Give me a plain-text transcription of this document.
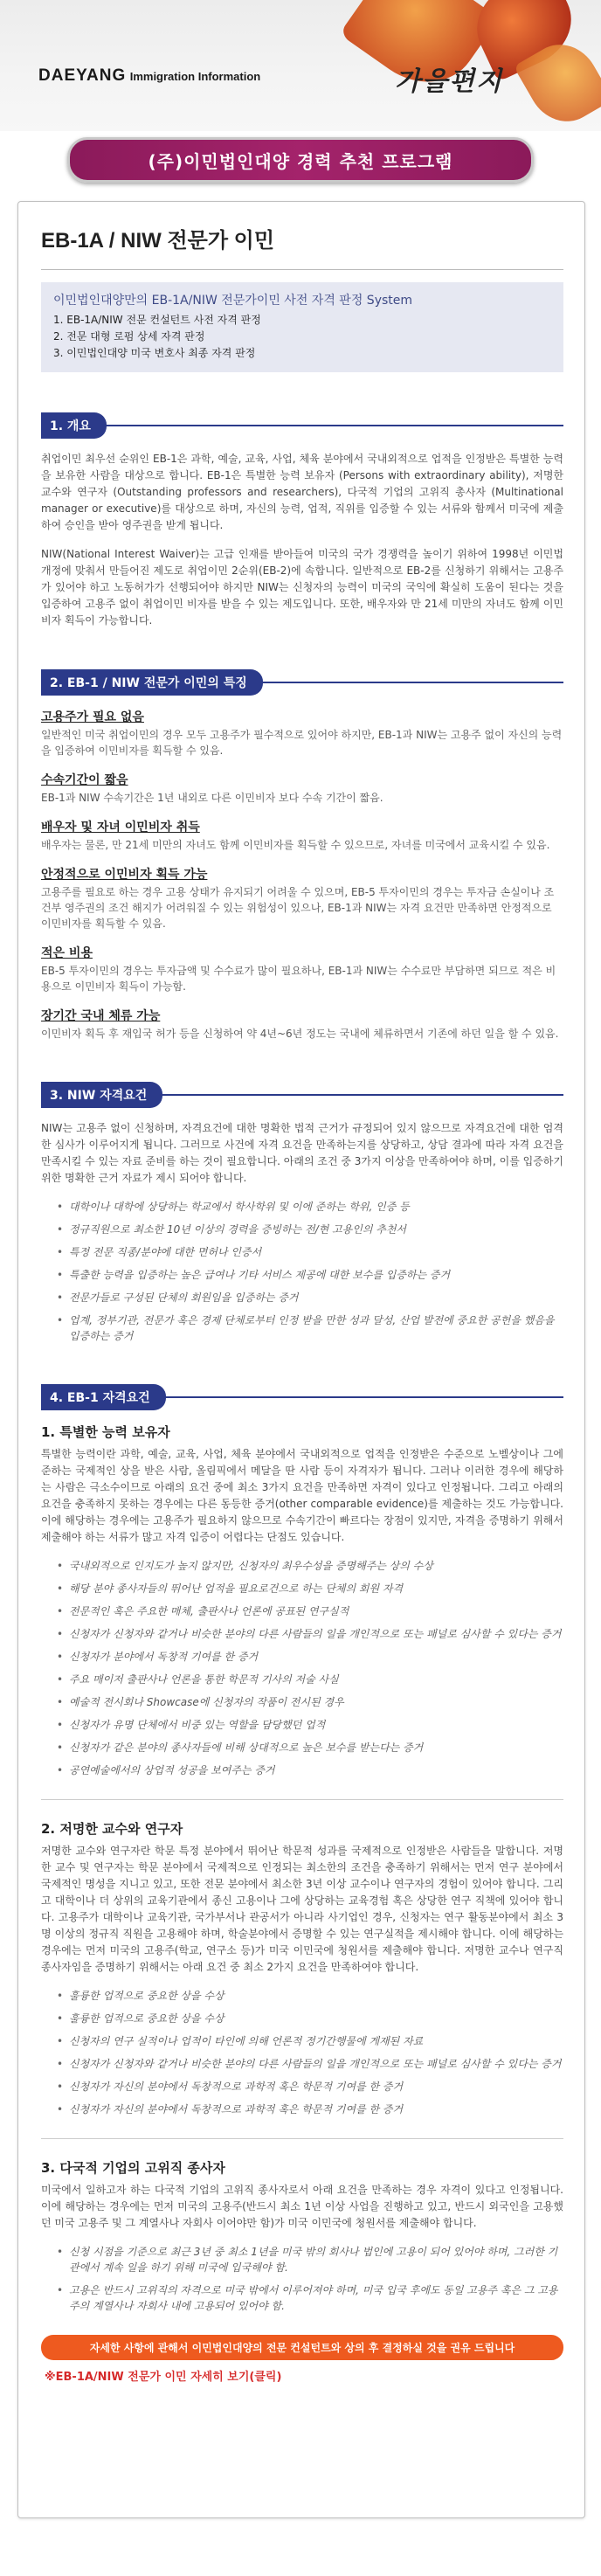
DAEYANG Immigration Information	가을편지
(주)이민법인대양 경력 추천 프로그램
EB-1A / NIW 전문가 이민
이민법인대양만의 EB-1A/NIW 전문가이민 사전 자격 판정 System
1. EB-1A/NIW 전문 컨설턴트 사전 자격 판정
2. 전문 대형 로펌 상세 자격 판정
3. 이민법인대양 미국 변호사 최종 자격 판정
1. 개요
취업이민 최우선 순위인 EB-1은 과학, 예술, 교육, 사업, 체육 분야에서 국내외적으로 업적을 인정받은 특별한 능력을 보유한 사람을 대상으로 합니다. EB-1은 특별한 능력 보유자 (Persons with extraordinary ability), 저명한 교수와 연구자 (Outstanding professors and researchers), 다국적 기업의 고위직 총사자 (Multinational manager or executive)를 대상으로 하며, 자신의 능력, 업적, 직위를 입증할 수 있는 서류와 함께서 미국에 제출하여 승인을 받아 영주권을 받게 됩니다.
NIW(National Interest Waiver)는 고급 인재를 받아들여 미국의 국가 경쟁력을 높이기 위하여 1998년 이민법 개정에 맞춰서 만들어진 제도로 취업이민 2순위(EB-2)에 속합니다. 일반적으로 EB-2를 신청하기 위해서는 고용주가 있어야 하고 노동허가가 선행되어야 하지만 NIW는 신청자의 능력이 미국의 국익에 확실히 도움이 된다는 것을 입증하여 고용주 없이 취업이민 비자를 받을 수 있는 제도입니다. 또한, 배우자와 만 21세 미만의 자녀도 함께 이민비자 획득이 가능합니다.
2. EB-1 / NIW 전문가 이민의 특징
고용주가 필요 없음
일반적인 미국 취업이민의 경우 모두 고용주가 필수적으로 있어야 하지만, EB-1과 NIW는 고용주 없이 자신의 능력을 입증하여 이민비자를 획득할 수 있음.
수속기간이 짧음
EB-1과 NIW 수속기간은 1년 내외로 다른 이민비자 보다 수속 기간이 짧음.
배우자 및 자녀 이민비자 취득
배우자는 물론, 만 21세 미만의 자녀도 함께 이민비자를 획득할 수 있으므로, 자녀를 미국에서 교육시킬 수 있음.
안정적으로 이민비자 획득 가능
고용주를 필요로 하는 경우 고용 상태가 유지되기 어려울 수 있으며, EB-5 투자이민의 경우는 투자금 손실이나 조건부 영주권의 조건 해지가 어려워질 수 있는 위험성이 있으나, EB-1과 NIW는 자격 요건만 만족하면 안정적으로 이민비자를 획득할 수 있음.
적은 비용
EB-5 투자이민의 경우는 투자금액 및 수수료가 많이 필요하나, EB-1과 NIW는 수수료만 부담하면 되므로 적은 비용으로 이민비자 획득이 가능함.
장기간 국내 체류 가능
이민비자 획득 후 재입국 허가 등을 신청하여 약 4년~6년 정도는 국내에 체류하면서 기존에 하던 일을 할 수 있음.
3. NIW 자격요건
NIW는 고용주 없이 신청하며, 자격요건에 대한 명확한 법적 근거가 규정되어 있지 않으므로 자격요건에 대한 엄격한 심사가 이루어지게 됩니다. 그러므로 사건에 자격 요건을 만족하는지를 상당하고, 상담 결과에 따라 자격 요건을 만족시킬 수 있는 자료 준비를 하는 것이 필요합니다. 아래의 조건 중 3가지 이상을 만족하여야 하며, 이를 입증하기 위한 명확한 근거 자료가 제시 되어야 합니다.
• 대학이나 대학에 상당하는 학교에서 학사학위 및 이에 준하는 학위, 인증 등
• 정규직원으로 최소한 10년 이상의 경력을 증빙하는 전/현 고용인의 추천서
• 특정 전문 직종/분야에 대한 면허나 인증서
• 특출한 능력을 입증하는 높은 급여나 기타 서비스 제공에 대한 보수를 입증하는 증거
• 전문가들로 구성된 단체의 회원임을 입증하는 증거
• 업계, 정부기관, 전문가 혹은 경제 단체로부터 인정 받을 만한 성과 달성, 산업 발전에 중요한 공헌을 했음을 입증하는 증거
4. EB-1 자격요건
1. 특별한 능력 보유자
특별한 능력이란 과학, 예술, 교육, 사업, 체육 분야에서 국내외적으로 업적을 인정받은 수준으로 노벨상이나 그에 준하는 국제적인 상을 받은 사람, 올림픽에서 메달을 딴 사람 등이 자격자가 됩니다. 그러나 이러한 경우에 해당하는 사람은 극소수이므로 아래의 요건 중에 최소 3가지 요건을 만족하면 자격이 있다고 인정됩니다. 그리고 아래의 요건을 충족하지 못하는 경우에는 다른 동등한 증거(other comparable evidence)를 제출하는 것도 가능합니다. 이에 해당하는 경우에는 고용주가 필요하지 않으므로 수속기간이 빠르다는 장점이 있지만, 자격을 증명하기 위해서 제출해야 하는 서류가 많고 자격 입증이 어렵다는 단점도 있습니다.
• 국내외적으로 인지도가 높지 않지만, 신청자의 최우수성을 증명해주는 상의 수상
• 해당 분야 종사자들의 뛰어난 업적을 필요로건으로 하는 단체의 회원 자격
• 전문적인 혹은 주요한 매체, 출판사나 언론에 공표된 연구실적
• 신청자가 신청자와 같거나 비슷한 분야의 다른 사람들의 일을 개인적으로 또는 패널로 심사할 수 있다는 증거
• 신청자가 분야에서 독창적 기여를 한 증거
• 주요 매이저 출판사나 언론을 통한 학문적 기사의 저술 사실
• 예술적 전시회나 Showcase에 신청자의 작품이 전시된 경우
• 신청자가 유명 단체에서 비중 있는 역할을 담당했던 업적
• 신청자가 같은 분야의 종사자들에 비해 상대적으로 높은 보수를 받는다는 증거
• 공연예술에서의 상업적 성공을 보여주는 증거
2. 저명한 교수와 연구자
저명한 교수와 연구자란 학문 특정 분야에서 뛰어난 학문적 성과를 국제적으로 인정받은 사람들을 말합니다. 저명한 교수 및 연구자는 학문 분야에서 국제적으로 인정되는 최소한의 조건을 충족하기 위해서는 먼저 연구 분야에서 국제적인 명성을 지니고 있고, 또한 전문 분야에서 최소한 3년 이상 교수이나 연구자의 경험이 있어야 합니다. 그리고 대학이나 더 상위의 교육기관에서 종신 고용이나 그에 상당하는 교육경험 혹은 상당한 연구 직책에 있어야 합니다. 고용주가 대학이나 교육기관, 국가부서나 관공서가 아니라 사기업인 경우, 신청자는 연구 활동분야에서 최소 3명 이상의 정규직 직원을 고용해야 하며, 학술분야에서 증명할 수 있는 연구실적을 제시해야 합니다. 이에 해당하는 경우에는 먼저 미국의 고용주(학교, 연구소 등)가 미국 이민국에 청원서를 제출해야 합니다. 저명한 교수나 연구직 종사자임을 증명하기 위해서는 아래 요건 중 최소 2가지 요건을 만족하여야 합니다.
• 훌륭한 업적으로 중요한 상을 수상
• 훌륭한 업적으로 중요한 상을 수상
• 신청자의 연구 실적이나 업적이 타인에 의해 언론적 정기간행물에 게재된 자료
• 신청자가 신청자와 같거나 비슷한 분야의 다른 사람들의 일을 개인적으로 또는 패널로 심사할 수 있다는 증거
• 신청자가 자신의 분야에서 독창적으로 과학적 혹은 학문적 기여를 한 증거
• 신청자가 자신의 분야에서 독창적으로 과학적 혹은 학문적 기여를 한 증거
3. 다국적 기업의 고위직 종사자
미국에서 일하고자 하는 다국적 기업의 고위직 종사자로서 아래 요건을 만족하는 경우 자격이 있다고 인정됩니다. 이에 해당하는 경우에는 먼저 미국의 고용주(반드시 최소 1년 이상 사업을 진행하고 있고, 반드시 외국인을 고용했던 미국 고용주 및 그 계열사나 자회사 이어야만 함)가 미국 이민국에 청원서를 제출해야 합니다.
• 신청 시점을 기준으로 최근 3년 중 최소 1년을 미국 밖의 회사나 법인에 고용이 되어 있어야 하며, 그러한 기관에서 계속 일을 하기 위해 미국에 입국해야 함.
• 고용은 반드시 고위직의 자격으로 미국 밖에서 이루어져야 하며, 미국 입국 후에도 동일 고용주 혹은 그 고용주의 계열사나 자회사 내에 고용되어 있어야 함.
자세한 사항에 관해서 이민법인대양의 전문 컨설턴트와 상의 후 결정하실 것을 권유 드립니다
※EB-1A/NIW 전문가 이민 자세히 보기(클릭)
